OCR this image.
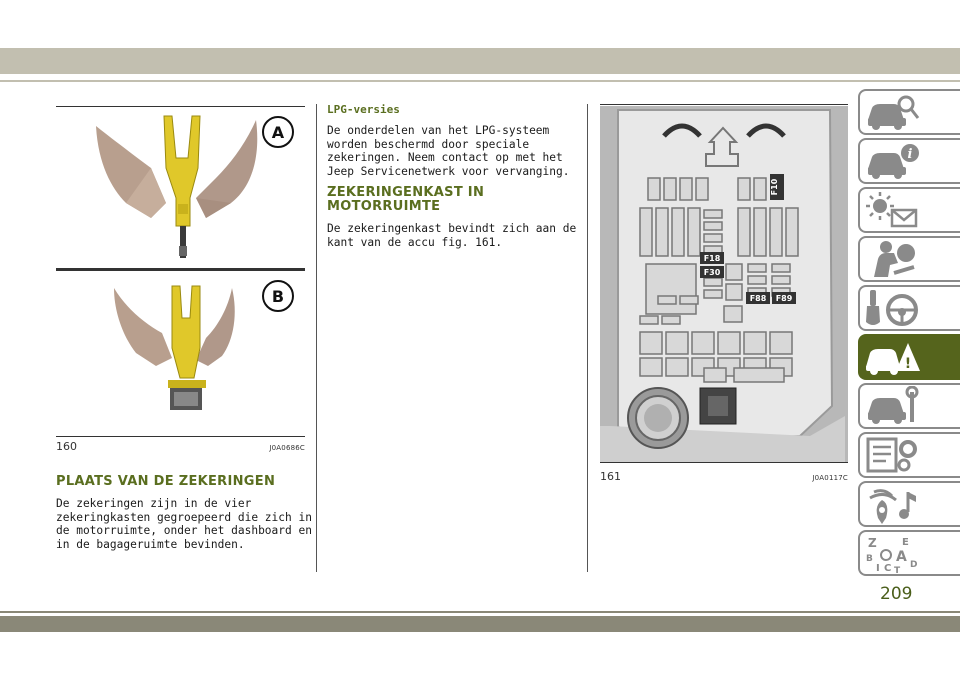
A
B
160	J0A0686C
PLAATS VAN DE ZEKERINGEN
De zekeringen zijn in de vier
zekeringkasten gegroepeerd die zich in
de motorruimte, onder het dashboard en
in de bagageruimte bevinden.
LPG-versies
De onderdelen van het LPG-systeem
worden beschermd door speciale
zekeringen. Neem contact op met het
Jeep Servicenetwerk voor vervanging.
ZEKERINGENKAST IN
MOTORRUIMTE
De zekeringenkast bevindt zich aan de
kant van de accu fig. 161.
F10
F18
F30
F88 F89
161	J0A0117C
i
!
Z	E
B A
I C T
D
209
